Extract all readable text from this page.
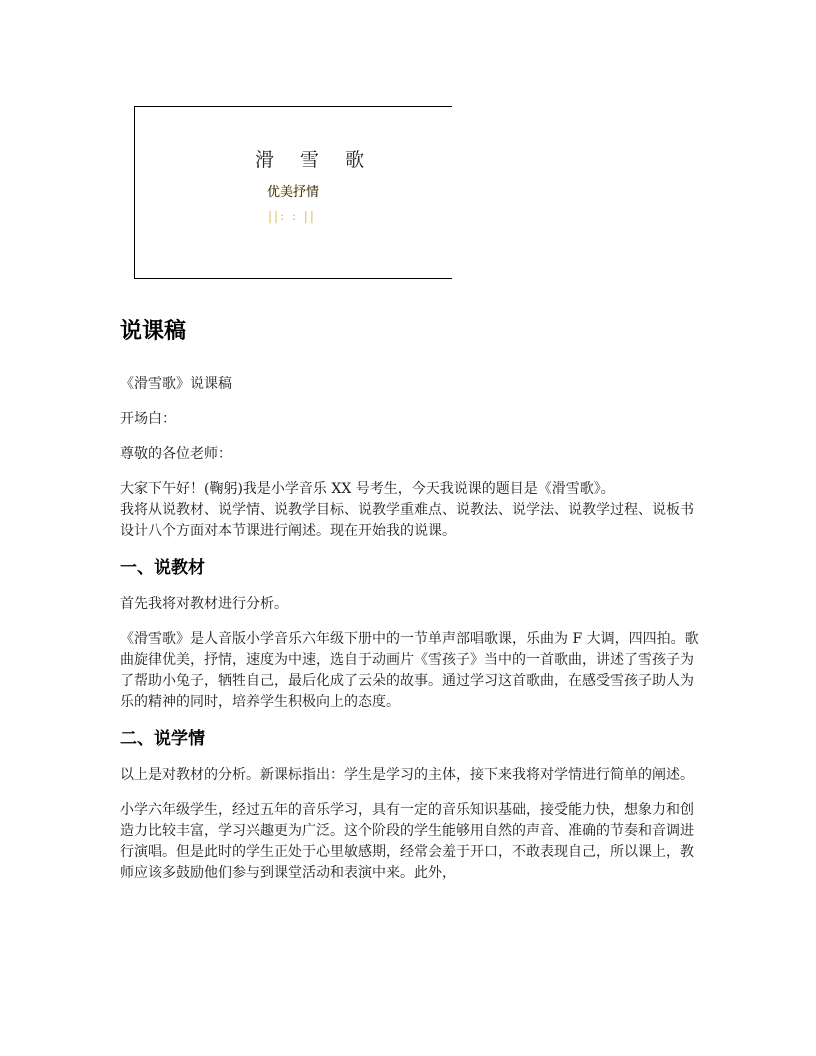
滑 雪 歌
优美抒情
||: : ||
说课稿

《滑雪歌》说课稿

开场白：

尊敬的各位老师：

大家下午好！(鞠躬)我是小学音乐 XX 号考生，今天我说课的题目是《滑雪歌》。

我将从说教材、说学情、说教学目标、说教学重难点、说教法、说学法、说教学过程、说板书设计八个方面对本节课进行阐述。现在开始我的说课。

一、说教材

首先我将对教材进行分析。

《滑雪歌》是人音版小学音乐六年级下册中的一节单声部唱歌课，乐曲为 F 大调，四四拍。歌曲旋律优美，抒情，速度为中速，选自于动画片《雪孩子》当中的一首歌曲，讲述了雪孩子为了帮助小兔子，牺牲自己，最后化成了云朵的故事。通过学习这首歌曲，在感受雪孩子助人为乐的精神的同时，培养学生积极向上的态度。

二、说学情

以上是对教材的分析。新课标指出：学生是学习的主体，接下来我将对学情进行简单的阐述。

小学六年级学生，经过五年的音乐学习，具有一定的音乐知识基础，接受能力快，想象力和创造力比较丰富，学习兴趣更为广泛。这个阶段的学生能够用自然的声音、准确的节奏和音调进行演唱。但是此时的学生正处于心里敏感期，经常会羞于开口，不敢表现自己，所以课上，教师应该多鼓励他们参与到课堂活动和表演中来。此外，
